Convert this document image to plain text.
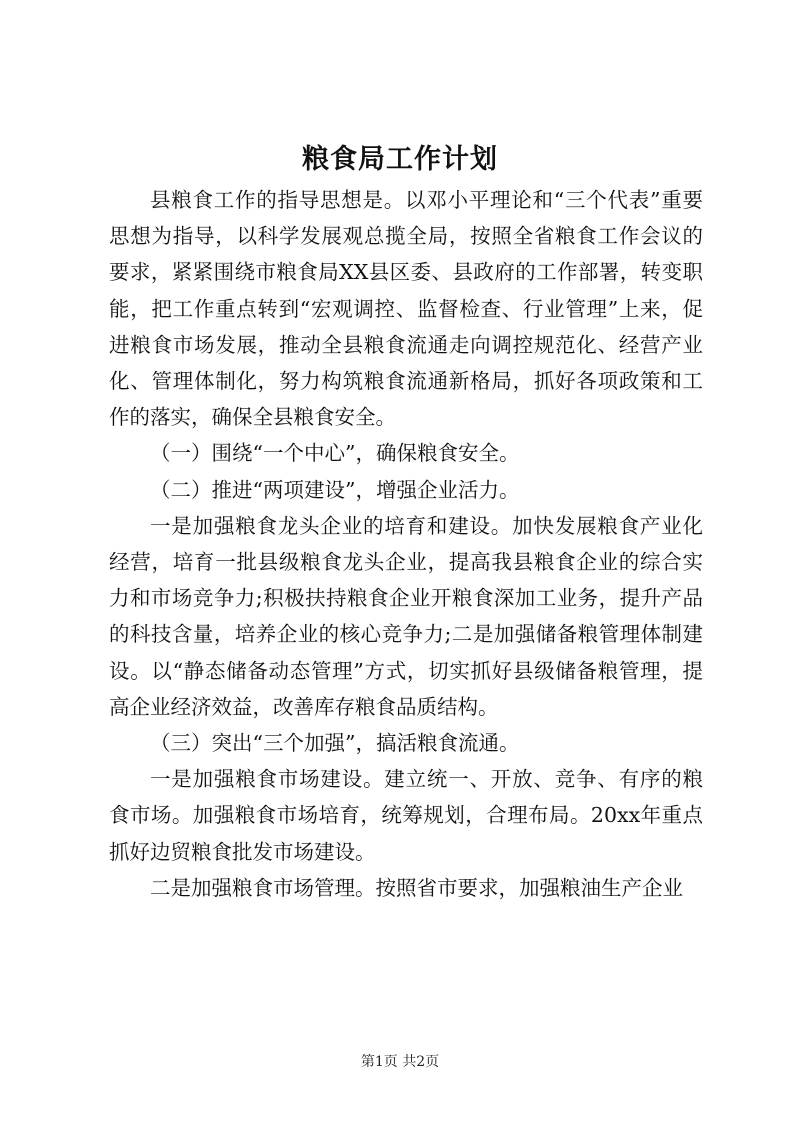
粮食局工作计划

县粮食工作的指导思想是。以邓小平理论和“三个代表”重要思想为指导，以科学发展观总揽全局，按照全省粮食工作会议的要求，紧紧围绕市粮食局XX县区委、县政府的工作部署，转变职能，把工作重点转到“宏观调控、监督检查、行业管理”上来，促进粮食市场发展，推动全县粮食流通走向调控规范化、经营产业化、管理体制化，努力构筑粮食流通新格局，抓好各项政策和工作的落实，确保全县粮食安全。

（一）围绕“一个中心”，确保粮食安全。

（二）推进“两项建设”，增强企业活力。

一是加强粮食龙头企业的培育和建设。加快发展粮食产业化经营，培育一批县级粮食龙头企业，提高我县粮食企业的综合实力和市场竞争力;积极扶持粮食企业开粮食深加工业务，提升产品的科技含量，培养企业的核心竞争力;二是加强储备粮管理体制建设。以“静态储备动态管理”方式，切实抓好县级储备粮管理，提高企业经济效益，改善库存粮食品质结构。

（三）突出“三个加强”，搞活粮食流通。

一是加强粮食市场建设。建立统一、开放、竞争、有序的粮食市场。加强粮食市场培育，统筹规划，合理布局。20xx年重点抓好边贸粮食批发市场建设。

二是加强粮食市场管理。按照省市要求，加强粮油生产企业

第1页 共2页
